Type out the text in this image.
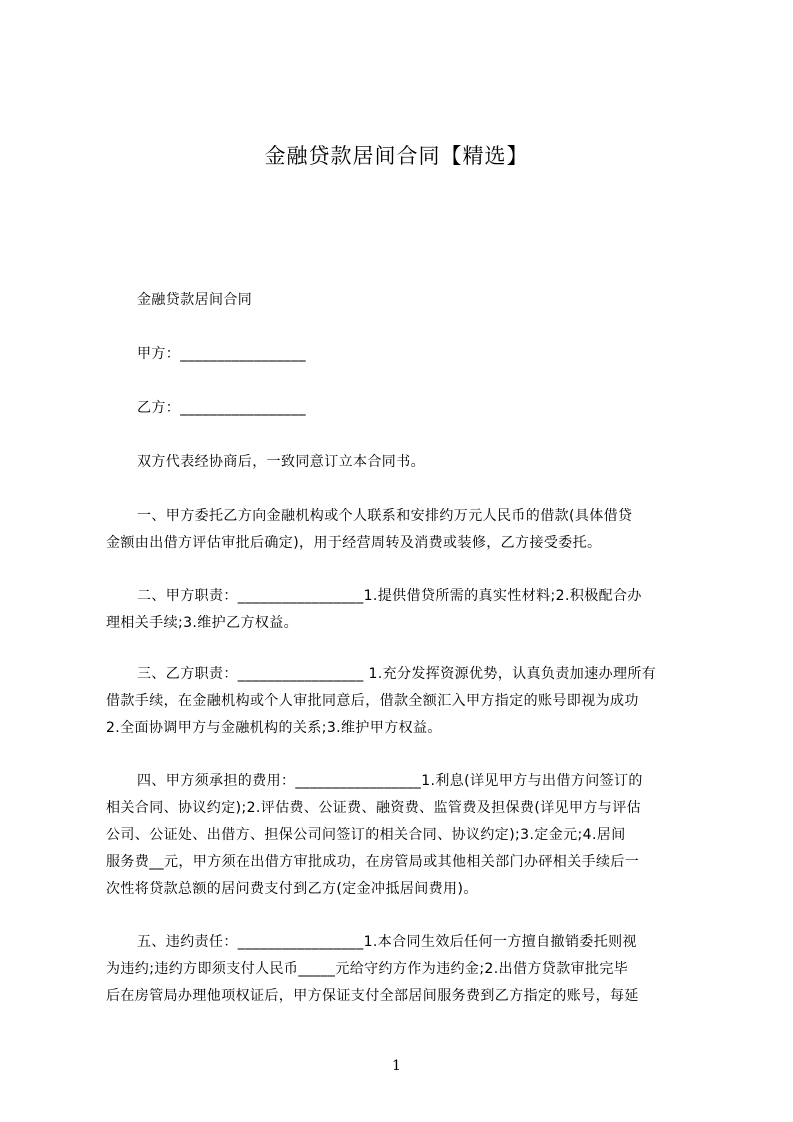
金融贷款居间合同【精选】
金融贷款居间合同
甲方：_________________
乙方：_________________
双方代表经协商后，一致同意订立本合同书。
一、甲方委托乙方向金融机构或个人联系和安排约万元人民币的借款(具体借贷
金额由出借方评估审批后确定)，用于经营周转及消费或装修，乙方接受委托。
二、甲方职责：_________________1.提供借贷所需的真实性材料;2.积极配合办
理相关手续;3.维护乙方权益。
三、乙方职责：_________________ 1.充分发挥资源优势，认真负责加速办理所有
借款手续，在金融机构或个人审批同意后，借款全额汇入甲方指定的账号即视为成功
2.全面协调甲方与金融机构的关系;3.维护甲方权益。
四、甲方须承担的费用：_________________1.利息(详见甲方与出借方问签订的
相关合同、协议约定);2.评估费、公证费、融资费、监管费及担保费(详见甲方与评估
公司、公证处、出借方、担保公司问签订的相关合同、协议约定);3.定金元;4.居间
服务费__元，甲方须在出借方审批成功，在房管局或其他相关部门办砰相关手续后一
次性将贷款总额的居问费支付到乙方(定金冲抵居间费用)。
五、违约责任：_________________1.本合同生效后任何一方擅自撤销委托则视
为违约;违约方即须支付人民币_____元给守约方作为违约金;2.出借方贷款审批完毕
后在房管局办理他项权证后，甲方保证支付全部居间服务费到乙方指定的账号，每延
1
